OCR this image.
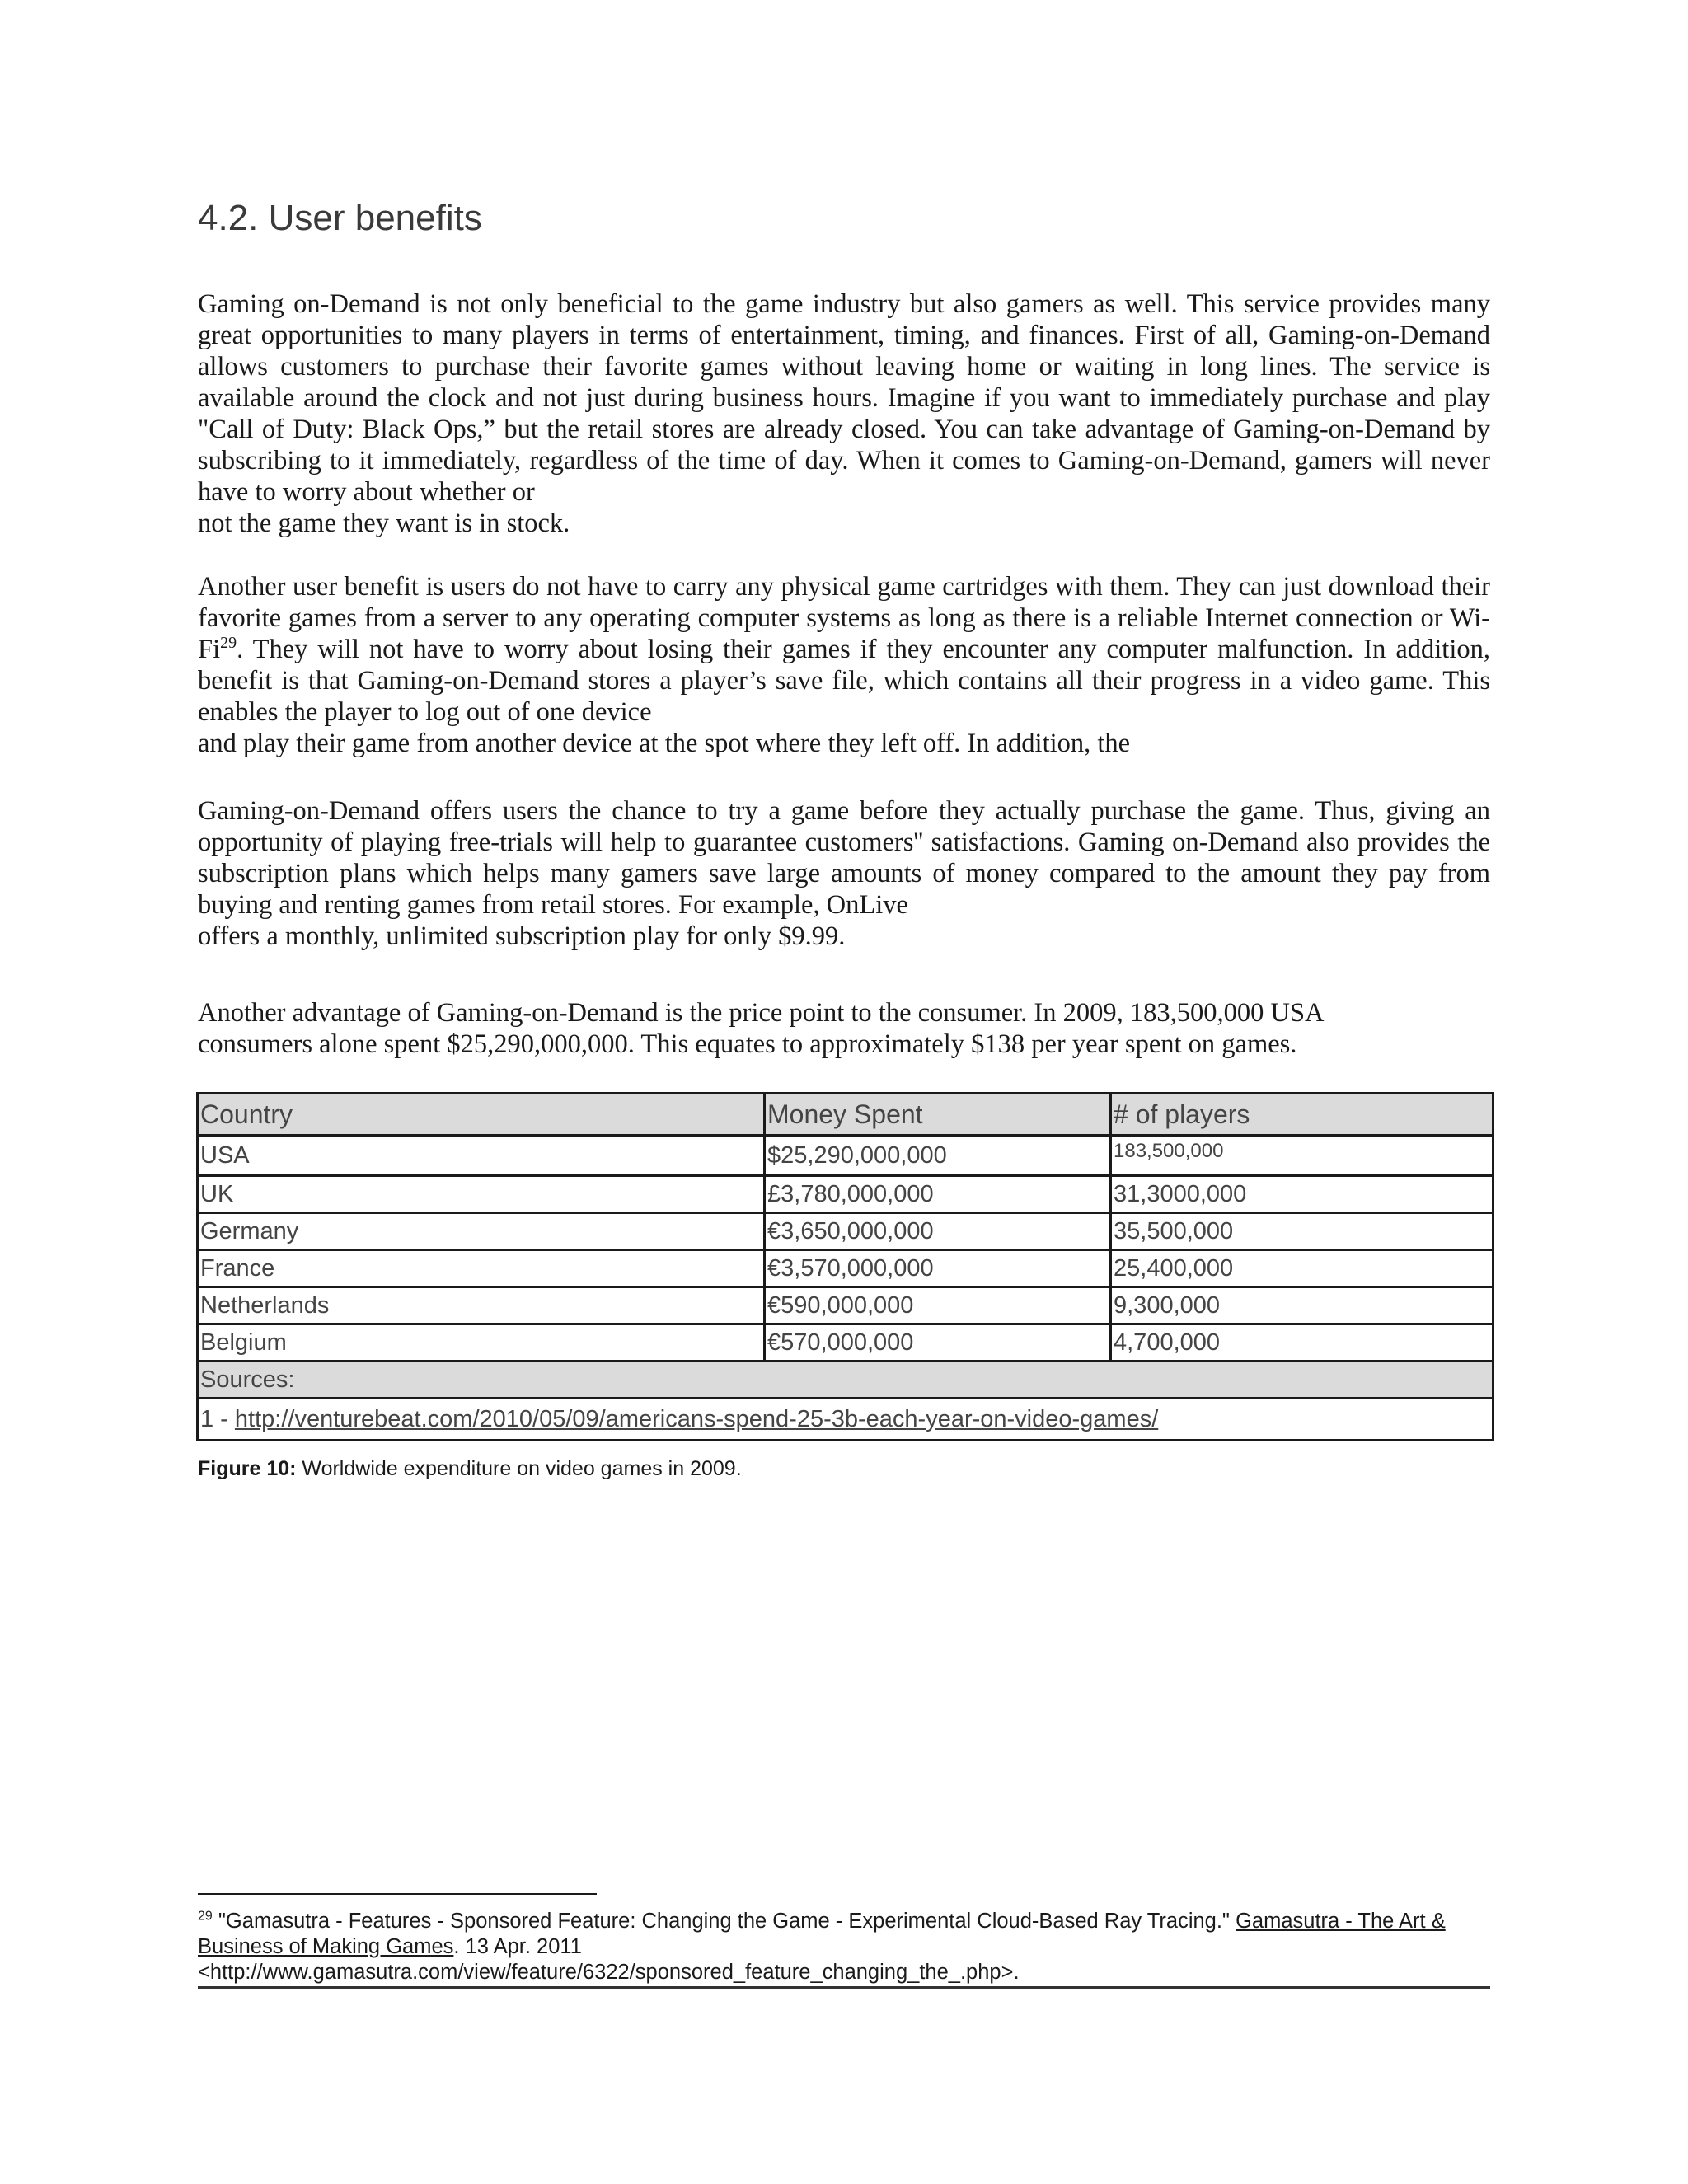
4.2. User benefits
Gaming on-Demand is not only beneficial to the game industry but also gamers as well. This service provides many great opportunities to many players in terms of entertainment, timing, and finances. First of all, Gaming-on-Demand allows customers to purchase their favorite games without leaving home or waiting in long lines. The service is available around the clock and not just during business hours. Imagine if you want to immediately purchase and play "Call of Duty: Black Ops,” but the retail stores are already closed. You can take advantage of Gaming-on-Demand by subscribing to it immediately, regardless of the time of day. When it comes to Gaming-on-Demand, gamers will never have to worry about whether or
not the game they want is in stock.
Another user benefit is users do not have to carry any physical game cartridges with them. They can just download their favorite games from a server to any operating computer systems as long as there is a reliable Internet connection or Wi-Fi$^{29}$. They will not have to worry about losing their games if they encounter any computer malfunction. In addition, benefit is that Gaming-on-Demand stores a player’s save file, which contains all their progress in a video game. This enables the player to log out of one device
and play their game from another device at the spot where they left off. In addition, the
Gaming-on-Demand offers users the chance to try a game before they actually purchase the game. Thus, giving an opportunity of playing free-trials will help to guarantee customers'' satisfactions. Gaming on-Demand also provides the subscription plans which helps many gamers save large amounts of money compared to the amount they pay from buying and renting games from retail stores. For example, OnLive
offers a monthly, unlimited subscription play for only $9.99.
Another advantage of Gaming-on-Demand is the price point to the consumer. In 2009, 183,500,000 USA
consumers alone spent $25,290,000,000. This equates to approximately $138 per year spent on games.
Country	Money Spent	# of players
USA	$25,290,000,000	183,500,000
UK	£3,780,000,000	31,3000,000
Germany	€3,650,000,000	35,500,000
France	€3,570,000,000	25,400,000
Netherlands	€590,000,000	9,300,000
Belgium	€570,000,000	4,700,000
Sources:		
1 - http://venturebeat.com/2010/05/09/americans-spend-25-3b-each-year-on-video-games/		

Figure 10: Worldwide expenditure on video games in 2009.

$^{29}$ "Gamasutra - Features - Sponsored Feature: Changing the Game - Experimental Cloud-Based Ray Tracing." Gamasutra - The Art & Business of Making Games. 13 Apr. 2011
<http://www.gamasutra.com/view/feature/6322/sponsored_feature_changing_the_.php>.
